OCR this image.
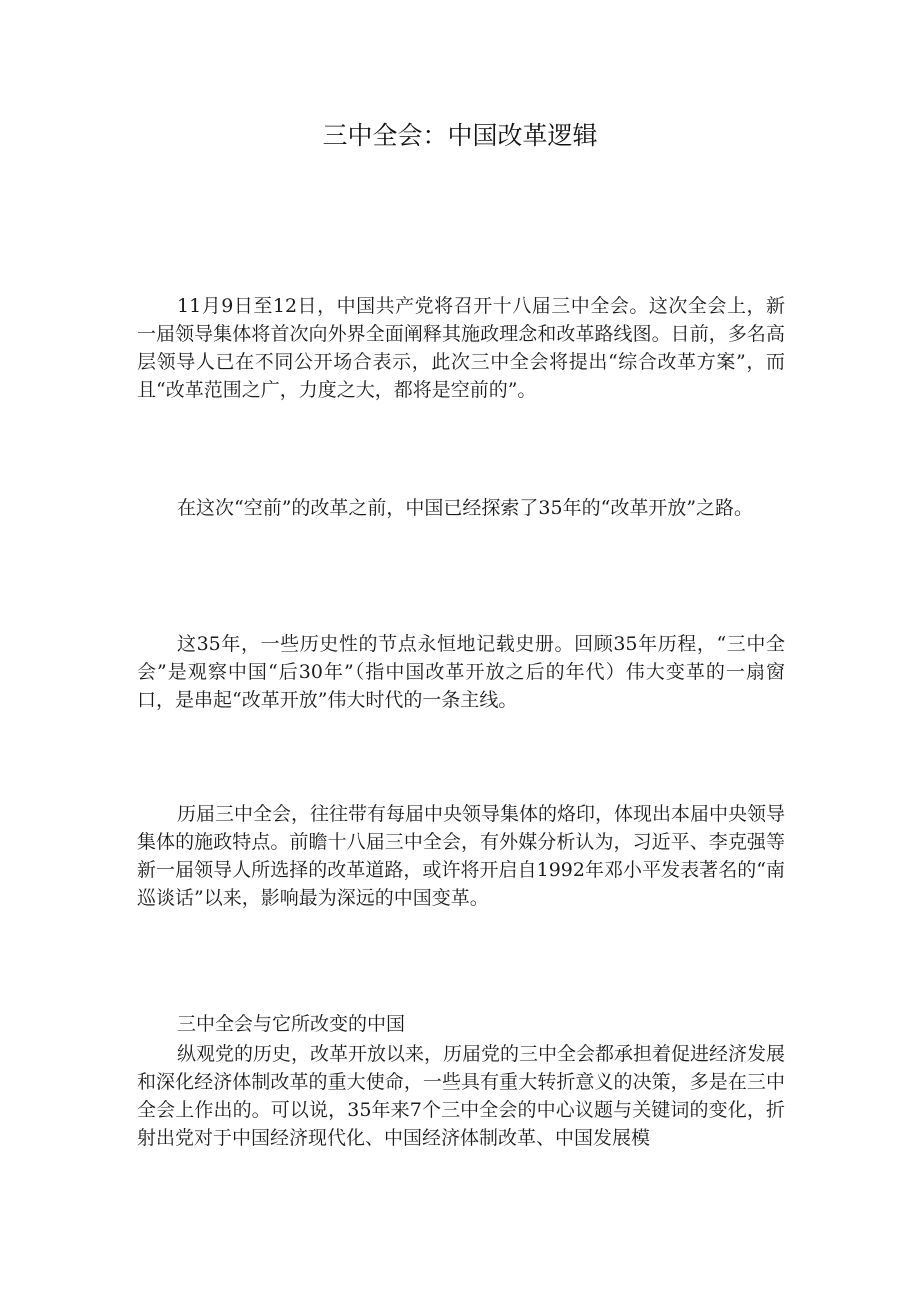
三中全会：中国改革逻辑

11月9日至12日，中国共产党将召开十八届三中全会。这次全会上，新一届领导集体将首次向外界全面阐释其施政理念和改革路线图。日前，多名高层领导人已在不同公开场合表示，此次三中全会将提出“综合改革方案”，而且“改革范围之广，力度之大，都将是空前的”。

在这次“空前”的改革之前，中国已经探索了35年的“改革开放”之路。

这35年，一些历史性的节点永恒地记载史册。回顾35年历程，“三中全会”是观察中国“后30年”（指中国改革开放之后的年代）伟大变革的一扇窗口，是串起“改革开放”伟大时代的一条主线。

历届三中全会，往往带有每届中央领导集体的烙印，体现出本届中央领导集体的施政特点。前瞻十八届三中全会，有外媒分析认为，习近平、李克强等新一届领导人所选择的改革道路，或许将开启自1992年邓小平发表著名的“南巡谈话”以来，影响最为深远的中国变革。

三中全会与它所改变的中国

纵观党的历史，改革开放以来，历届党的三中全会都承担着促进经济发展和深化经济体制改革的重大使命，一些具有重大转折意义的决策，多是在三中全会上作出的。可以说，35年来7个三中全会的中心议题与关键词的变化，折射出党对于中国经济现代化、中国经济体制改革、中国发展模
